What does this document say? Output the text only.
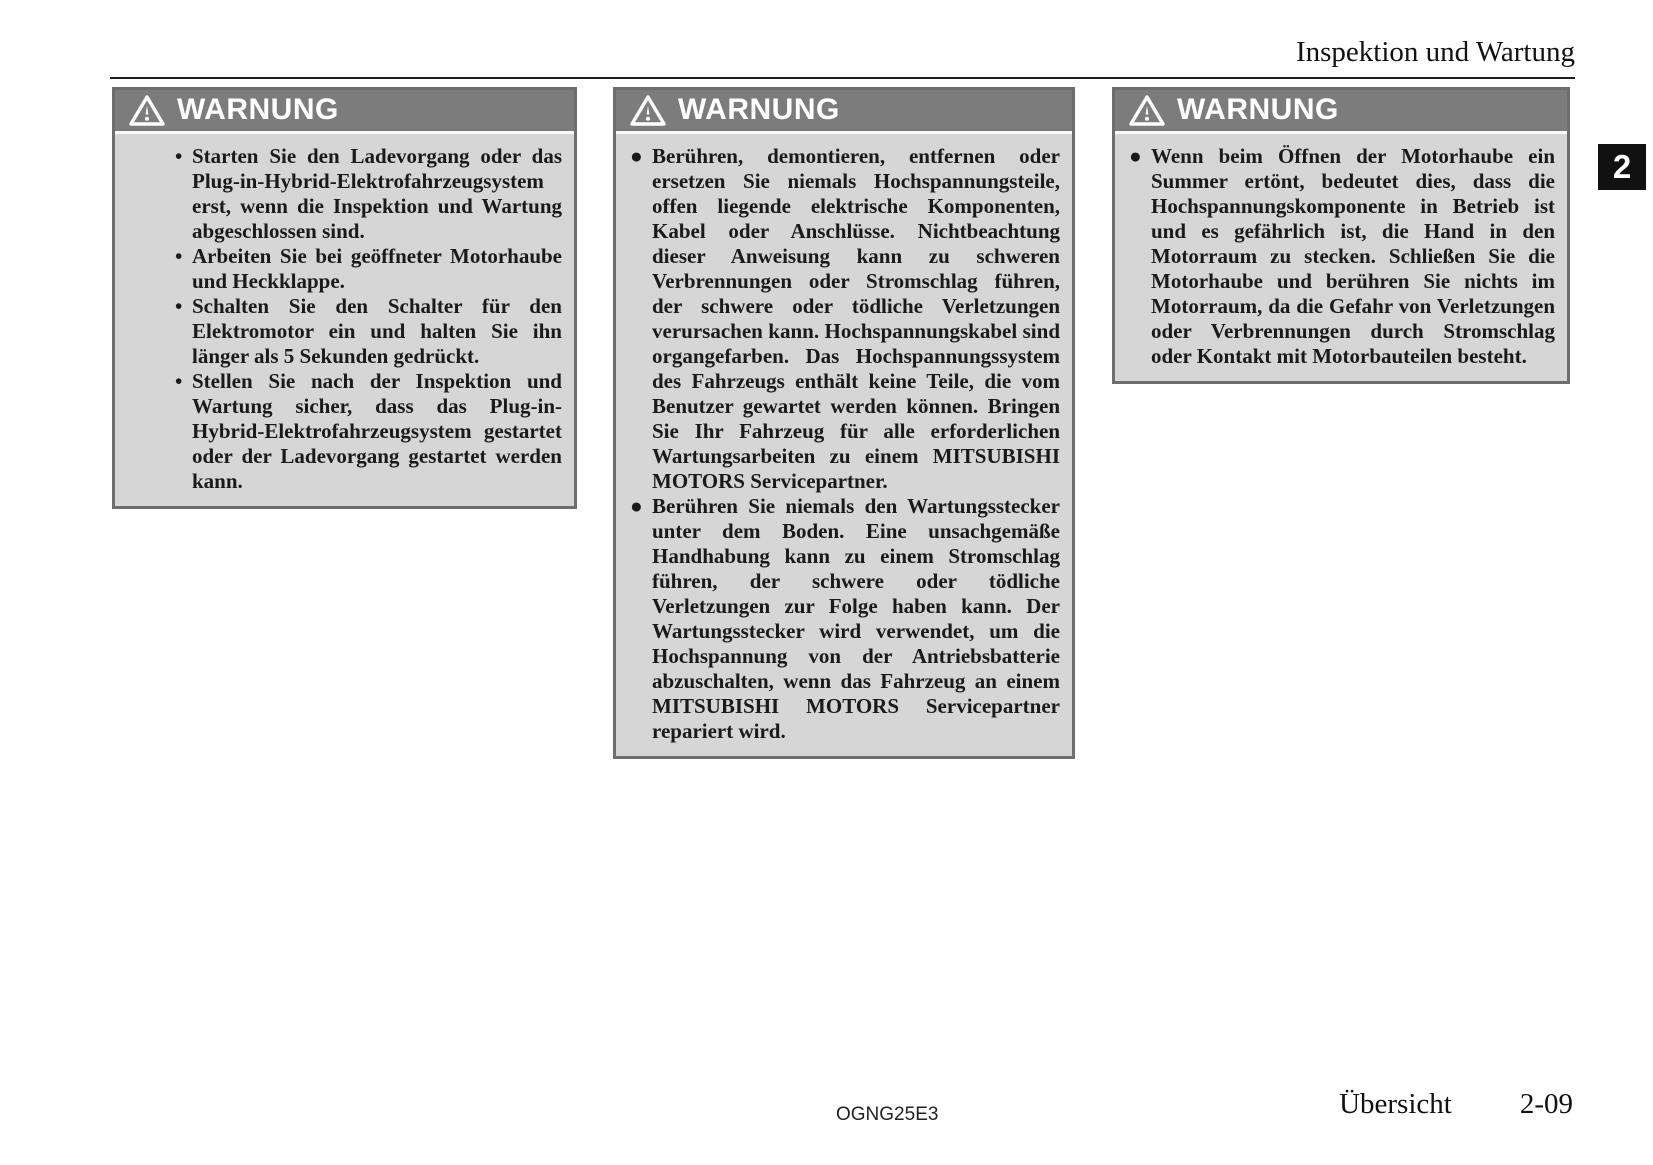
Inspektion und Wartung
WARNUNG
• Starten Sie den Ladevorgang oder das Plug-in-Hybrid-Elektrofahrzeugsystem erst, wenn die Inspektion und Wartung abgeschlossen sind.

• Arbeiten Sie bei geöffneter Motorhaube und Heckklappe.

• Schalten Sie den Schalter für den Elektromotor ein und halten Sie ihn länger als 5 Sekunden gedrückt.

• Stellen Sie nach der Inspektion und Wartung sicher, dass das Plug-in-Hybrid-Elektrofahrzeugsystem gestartet oder der Ladevorgang gestartet werden kann.

WARNUNG
● Berühren, demontieren, entfernen oder ersetzen Sie niemals Hochspannungsteile, offen liegende elektrische Komponenten, Kabel oder Anschlüsse. Nichtbeachtung dieser Anweisung kann zu schweren Verbrennungen oder Stromschlag führen, der schwere oder tödliche Verletzungen verursachen kann. Hochspannungskabel sind organgefarben. Das Hochspannungssystem des Fahrzeugs enthält keine Teile, die vom Benutzer gewartet werden können. Bringen Sie Ihr Fahrzeug für alle erforderlichen Wartungsarbeiten zu einem MITSUBISHI MOTORS Servicepartner.

● Berühren Sie niemals den Wartungsstecker unter dem Boden. Eine unsachgemäße Handhabung kann zu einem Stromschlag führen, der schwere oder tödliche Verletzungen zur Folge haben kann. Der Wartungsstecker wird verwendet, um die Hochspannung von der Antriebsbatterie abzuschalten, wenn das Fahrzeug an einem MITSUBISHI MOTORS Servicepartner repariert wird.

WARNUNG
● Wenn beim Öffnen der Motorhaube ein Summer ertönt, bedeutet dies, dass die Hochspannungskomponente in Betrieb ist und es gefährlich ist, die Hand in den Motorraum zu stecken. Schließen Sie die Motorhaube und berühren Sie nichts im Motorraum, da die Gefahr von Verletzungen oder Verbrennungen durch Stromschlag oder Kontakt mit Motorbauteilen besteht.

2
OGNG25E3	Übersicht 2-09
